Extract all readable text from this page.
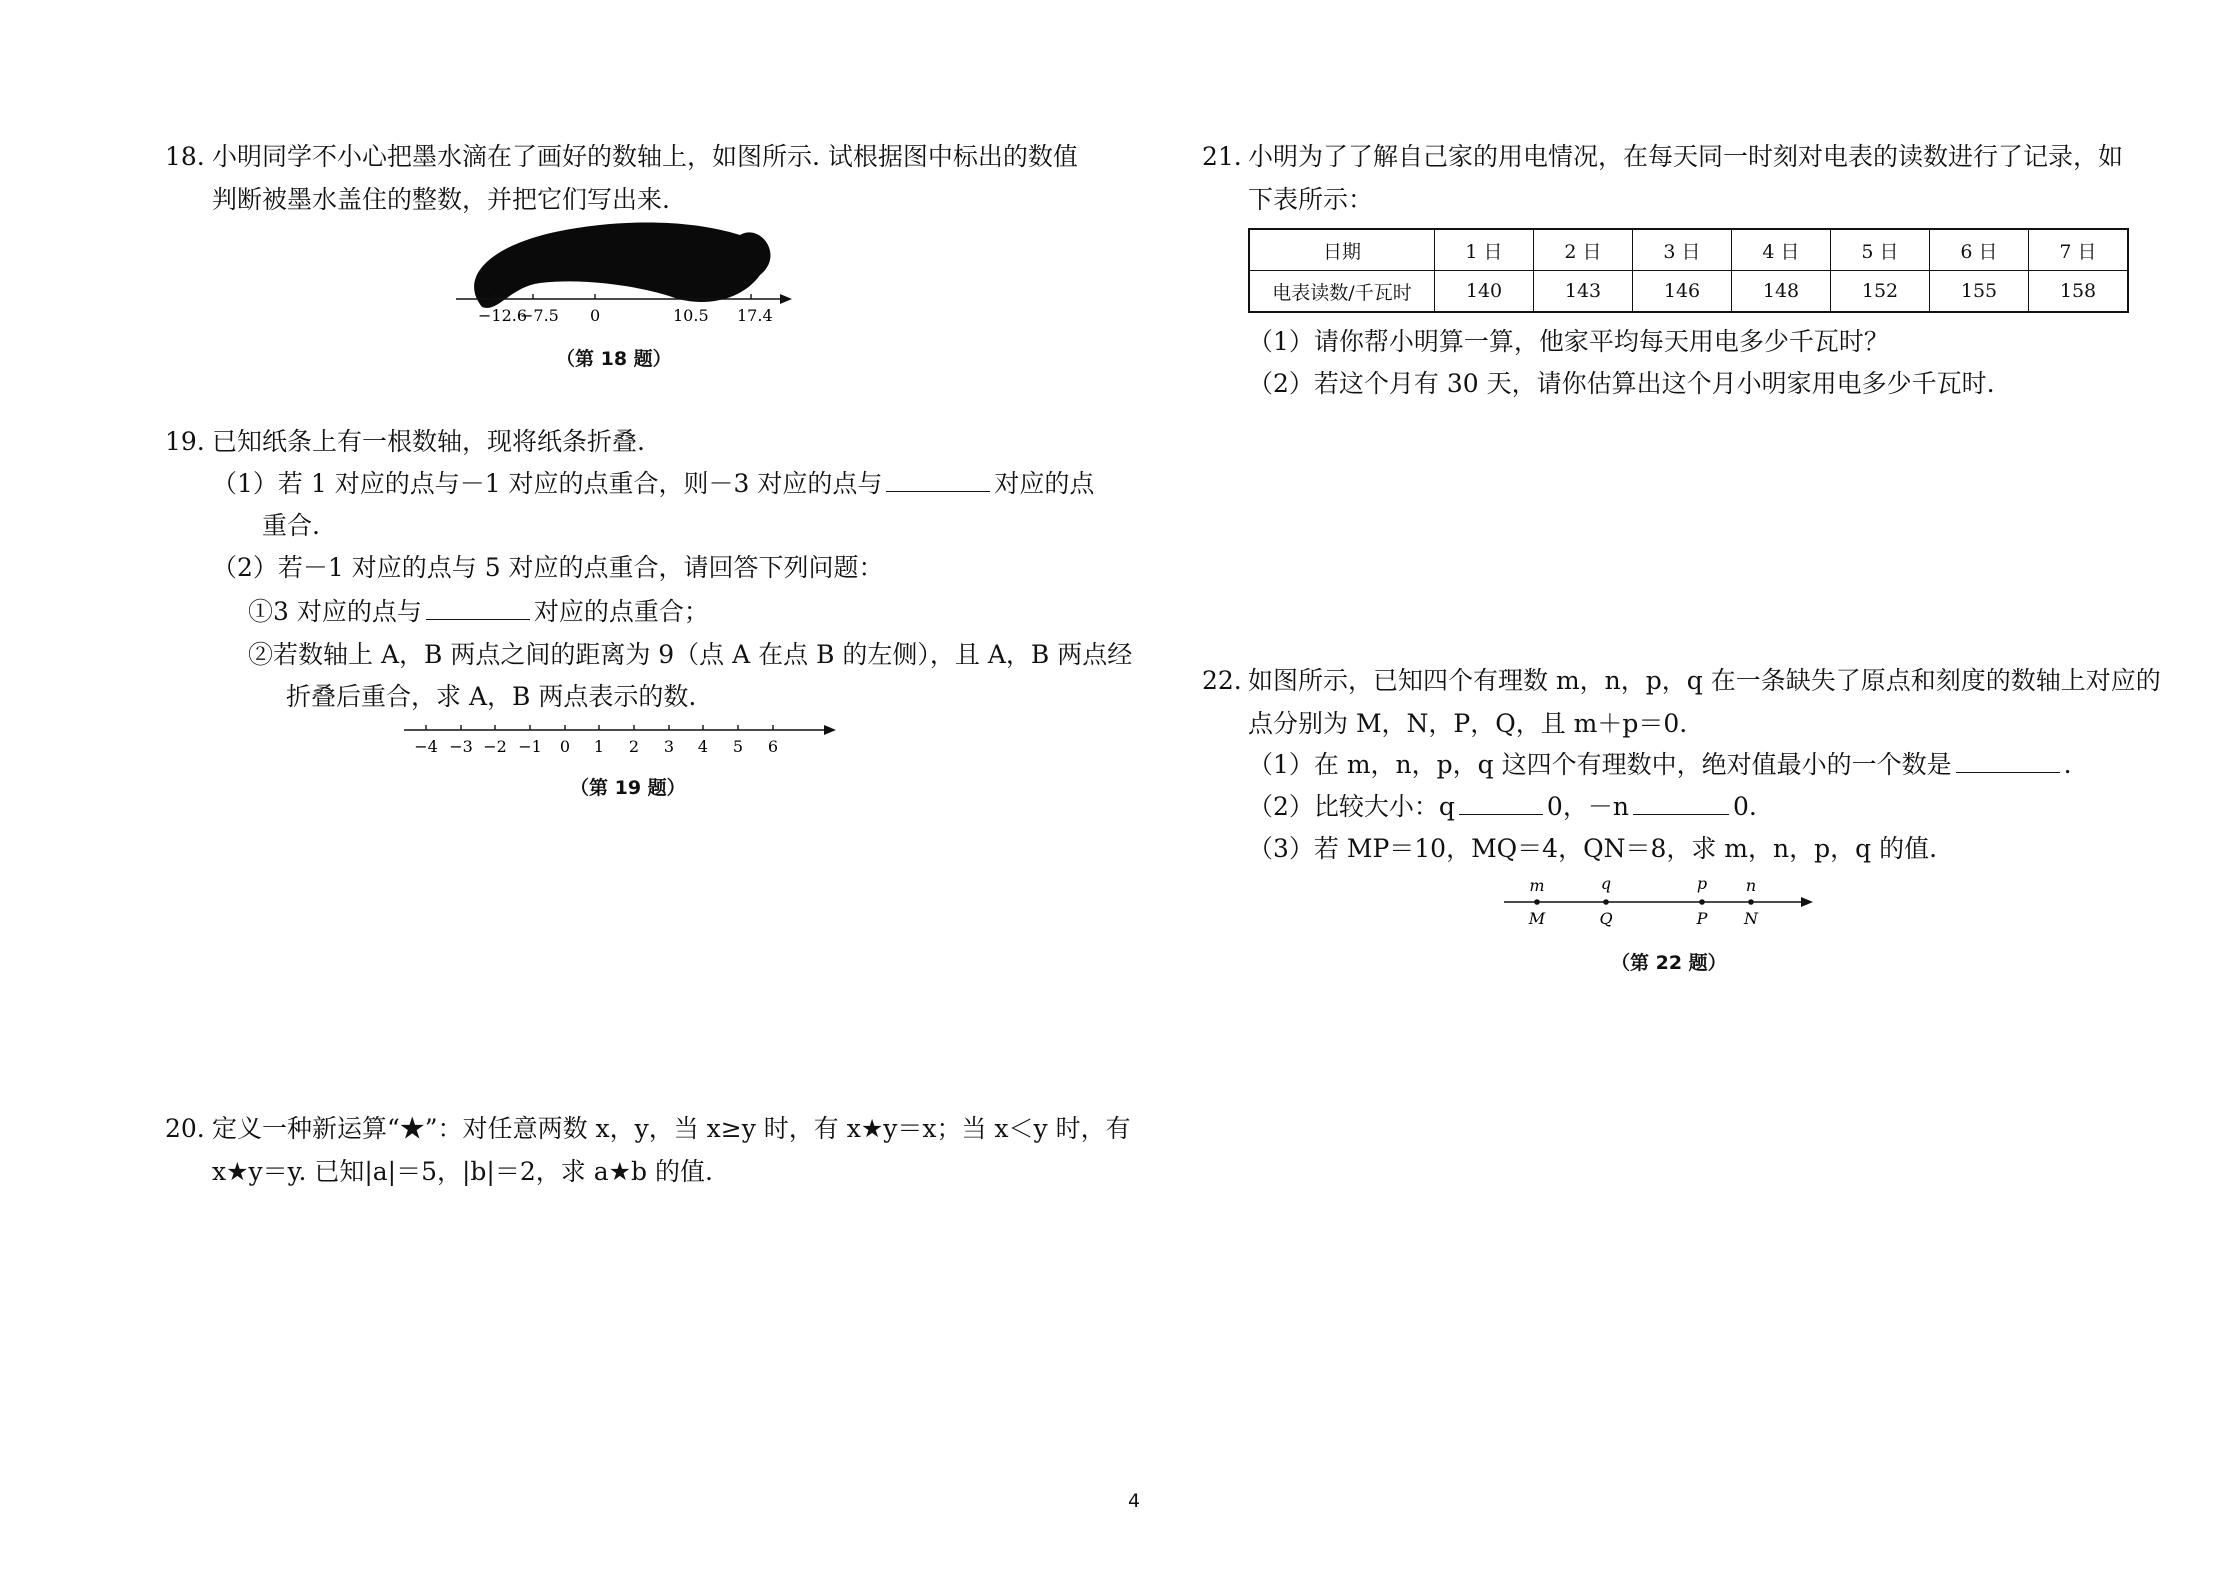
18. 小明同学不小心把墨水滴在了画好的数轴上，如图所示. 试根据图中标出的数值
判断被墨水盖住的整数，并把它们写出来.
−12.6
−7.5 0	10.5 17.4
（第 18 题）
19. 已知纸条上有一根数轴，现将纸条折叠.
（1）若 1 对应的点与－1 对应的点重合，则－3 对应的点与	对应的点
重合.
（2）若－1 对应的点与 5 对应的点重合，请回答下列问题：
①3 对应的点与	对应的点重合；
②若数轴上 A，B 两点之间的距离为 9（点 A 在点 B 的左侧），且 A，B 两点经
折叠后重合，求 A，B 两点表示的数.
−4 −3 −2 −1 0 1 2 3 4 5 6
（第 19 题）
20. 定义一种新运算“★”：对任意两数 x，y，当 x≥y 时，有 x★y＝x；当 x＜y 时，有
x★y＝y. 已知|a|＝5，|b|＝2，求 a★b 的值.
21. 小明为了了解自己家的用电情况，在每天同一时刻对电表的读数进行了记录，如
下表所示：
日期	1 日	2 日	3 日	4 日	5 日	6 日	7 日
电表读数/千瓦时	140	143	146	148	152	155	158
（1）请你帮小明算一算，他家平均每天用电多少千瓦时？
（2）若这个月有 30 天，请你估算出这个月小明家用电多少千瓦时.
22. 如图所示，已知四个有理数 m，n，p，q 在一条缺失了原点和刻度的数轴上对应的
点分别为 M，N，P，Q，且 m＋p＝0.
（1）在 m，n，p，q 这四个有理数中，绝对值最小的一个数是	.
（2）比较大小：q	0，－n	0.
（3）若 MP＝10，MQ＝4，QN＝8，求 m，n，p，q 的值.
m	q	p n
M	Q	P N
（第 22 题）
4
